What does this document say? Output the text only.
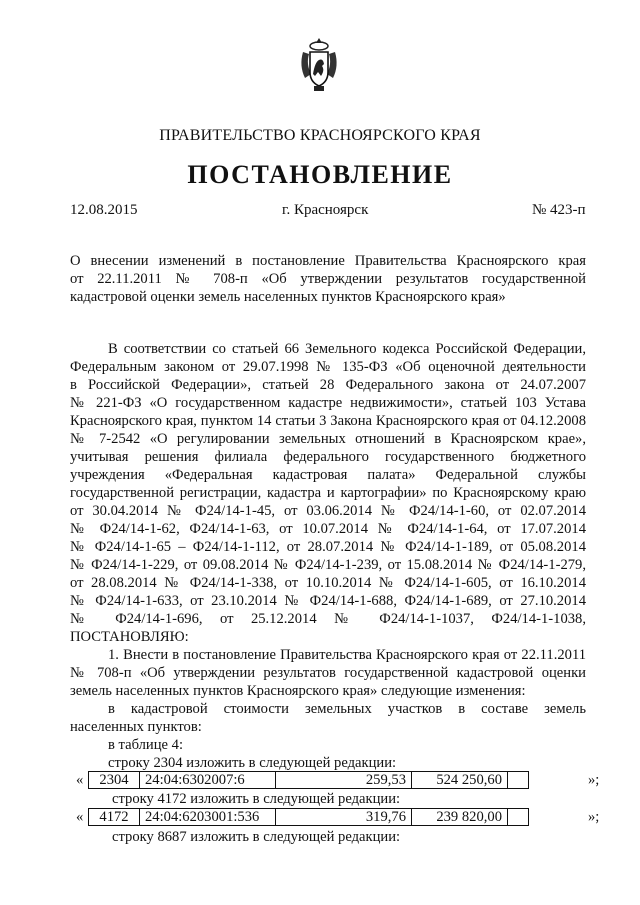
ПРАВИТЕЛЬСТВО КРАСНОЯРСКОГО КРАЯ
ПОСТАНОВЛЕНИЕ
12.08.2015	г. Красноярск	№ 423-п
О внесении изменений в постановление Правительства Красноярского края
от 22.11.2011 № 708-п «Об утверждении результатов государственной
кадастровой оценки земель населенных пунктов Красноярского края»
В соответствии со статьей 66 Земельного кодекса Российской Федерации,
Федеральным законом от 29.07.1998 № 135-ФЗ «Об оценочной деятельности
в Российской Федерации», статьей 28 Федерального закона от 24.07.2007
№ 221-ФЗ «О государственном кадастре недвижимости», статьей 103 Устава
Красноярского края, пунктом 14 статьи 3 Закона Красноярского края от 04.12.2008
№ 7-2542 «О регулировании земельных отношений в Красноярском крае»,
учитывая решения филиала федерального государственного бюджетного
учреждения «Федеральная кадастровая палата» Федеральной службы
государственной регистрации, кадастра и картографии» по Красноярскому краю
от 30.04.2014 № Ф24/14-1-45, от 03.06.2014 № Ф24/14-1-60, от 02.07.2014
№ Ф24/14-1-62, Ф24/14-1-63, от 10.07.2014 № Ф24/14-1-64, от 17.07.2014
№ Ф24/14-1-65 – Ф24/14-1-112, от 28.07.2014 № Ф24/14-1-189, от 05.08.2014
№ Ф24/14-1-229, от 09.08.2014 № Ф24/14-1-239, от 15.08.2014 № Ф24/14-1-279,
от 28.08.2014 № Ф24/14-1-338, от 10.10.2014 № Ф24/14-1-605, от 16.10.2014
№ Ф24/14-1-633, от 23.10.2014 № Ф24/14-1-688, Ф24/14-1-689, от 27.10.2014
№ Ф24/14-1-696, от 25.12.2014 № Ф24/14-1-1037, Ф24/14-1-1038,
ПОСТАНОВЛЯЮ:
1. Внести в постановление Правительства Красноярского края от 22.11.2011
№ 708-п «Об утверждении результатов государственной кадастровой оценки
земель населенных пунктов Красноярского края» следующие изменения:
в кадастровой стоимости земельных участков в составе земель
населенных пунктов:
в таблице 4:
строку 2304 изложить в следующей редакции:
« 2304	24:04:6302007:6	259,53	524 250,60		»;
строку 4172 изложить в следующей редакции:
« 4172	24:04:6203001:536	319,76	239 820,00		»;
строку 8687 изложить в следующей редакции:
